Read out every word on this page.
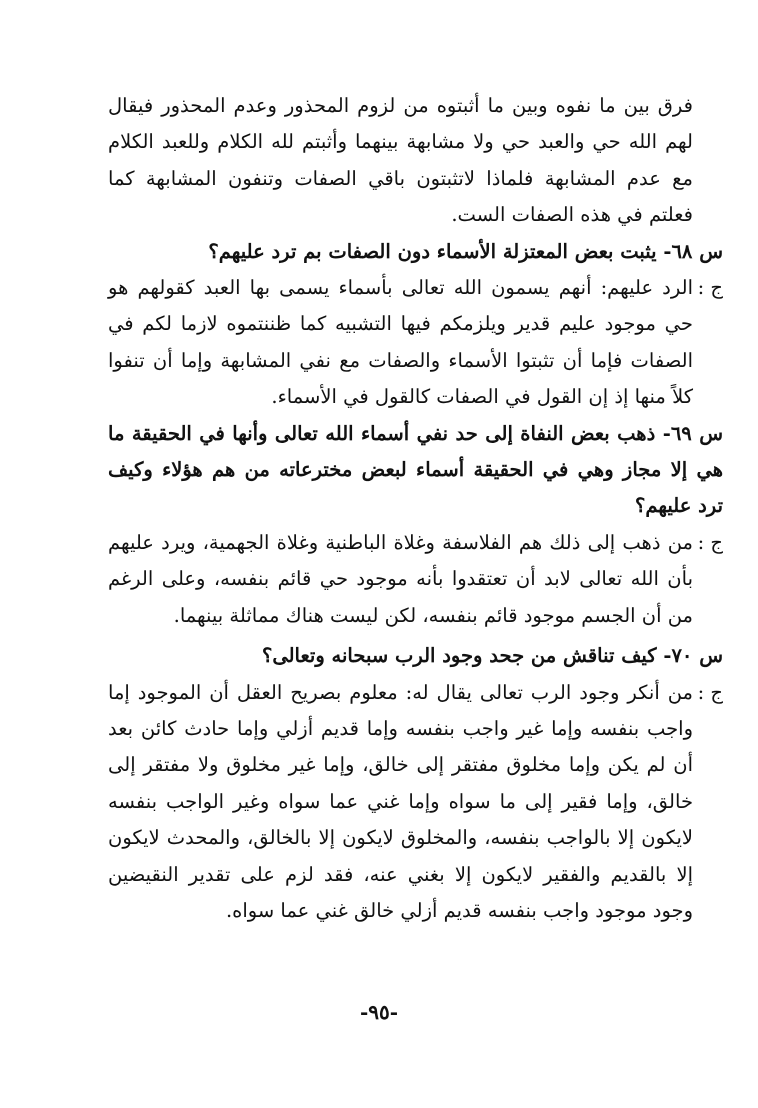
فرق بين ما نفوه وبين ما أثبتوه من لزوم المحذور وعدم المحذور فيقال لهم الله حي والعبد حي ولا مشابهة بينهما وأثبتم لله الكلام وللعبد الكلام مع عدم المشابهة فلماذا لاتثبتون باقي الصفات وتنفون المشابهة كما فعلتم في هذه الصفات الست.

س ٦٨- يثبت بعض المعتزلة الأسماء دون الصفات بم ترد عليهم؟

ج :
الرد عليهم: أنهم يسمون الله تعالى بأسماء يسمى بها العبد كقولهم هو حي موجود عليم قدير ويلزمكم فيها التشبيه كما ظننتموه لازما لكم في الصفات فإما أن تثبتوا الأسماء والصفات مع نفي المشابهة وإما أن تنفوا كلاً منها إذ إن القول في الصفات كالقول في الأسماء.

س ٦٩- ذهب بعض النفاة إلى حد نفي أسماء الله تعالى وأنها في الحقيقة ما هي إلا مجاز وهي في الحقيقة أسماء لبعض مخترعاته من هم هؤلاء وكيف ترد عليهم؟

ج :
من ذهب إلى ذلك هم الفلاسفة وغلاة الباطنية وغلاة الجهمية، ويرد عليهم بأن الله تعالى لابد أن تعتقدوا بأنه موجود حي قائم بنفسه، وعلى الرغم من أن الجسم موجود قائم بنفسه، لكن ليست هناك مماثلة بينهما.

س ٧٠- كيف تناقش من جحد وجود الرب سبحانه وتعالى؟

ج :
من أنكر وجود الرب تعالى يقال له: معلوم بصريح العقل أن الموجود إما واجب بنفسه وإما غير واجب بنفسه وإما قديم أزلي وإما حادث كائن بعد أن لم يكن وإما مخلوق مفتقر إلى خالق، وإما غير مخلوق ولا مفتقر إلى خالق، وإما فقير إلى ما سواه وإما غني عما سواه وغير الواجب بنفسه لايكون إلا بالواجب بنفسه، والمخلوق لايكون إلا بالخالق، والمحدث لايكون إلا بالقديم والفقير لايكون إلا بغني عنه، فقد لزم على تقدير النقيضين وجود موجود واجب بنفسه قديم أزلي خالق غني عما سواه.
-٩٥-
